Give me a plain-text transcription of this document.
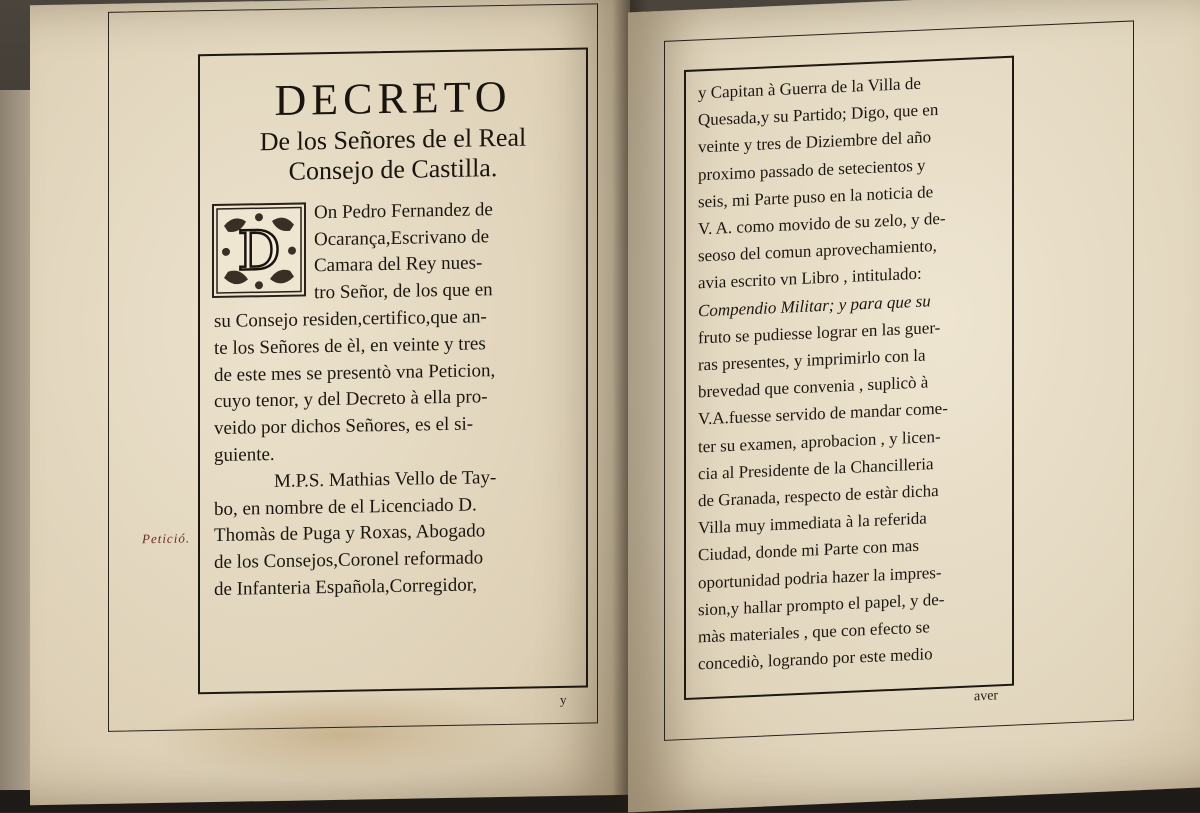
Petició.
DECRETO
De los Señores de el Real
Consejo de Castilla.
D
On Pedro Fernandez de
Ocarança,Escrivano de
Camara del Rey nues-
tro Señor, de los que en
su Consejo residen,certifico,que an-
te los Señores de èl, en veinte y tres
de este mes se presentò vna Peticion,
cuyo tenor, y del Decreto à ella pro-
veido por dichos Señores, es el si-
guiente.
M.P.S. Mathias Vello de Tay-
bo, en nombre de el Licenciado D.
Thomàs de Puga y Roxas, Abogado
de los Consejos,Coronel reformado
de Infanteria Española,Corregidor,
y
y Capitan à Guerra de la Villa de
Quesada,y su Partido; Digo, que en
veinte y tres de Diziembre del año
proximo passado de setecientos y
seis, mi Parte puso en la noticia de
V. A. como movido de su zelo, y de-
seoso del comun aprovechamiento,
avia escrito vn Libro , intitulado:
Compendio Militar; y para que su
fruto se pudiesse lograr en las guer-
ras presentes, y imprimirlo con la
brevedad que convenia , suplicò à
V.A.fuesse servido de mandar come-
ter su examen, aprobacion , y licen-
cia al Presidente de la Chancilleria
de Granada, respecto de estàr dicha
Villa muy immediata à la referida
Ciudad, donde mi Parte con mas
oportunidad podria hazer la impres-
sion,y hallar prompto el papel, y de-
màs materiales , que con efecto se
concediò, logrando por este medio
aver
